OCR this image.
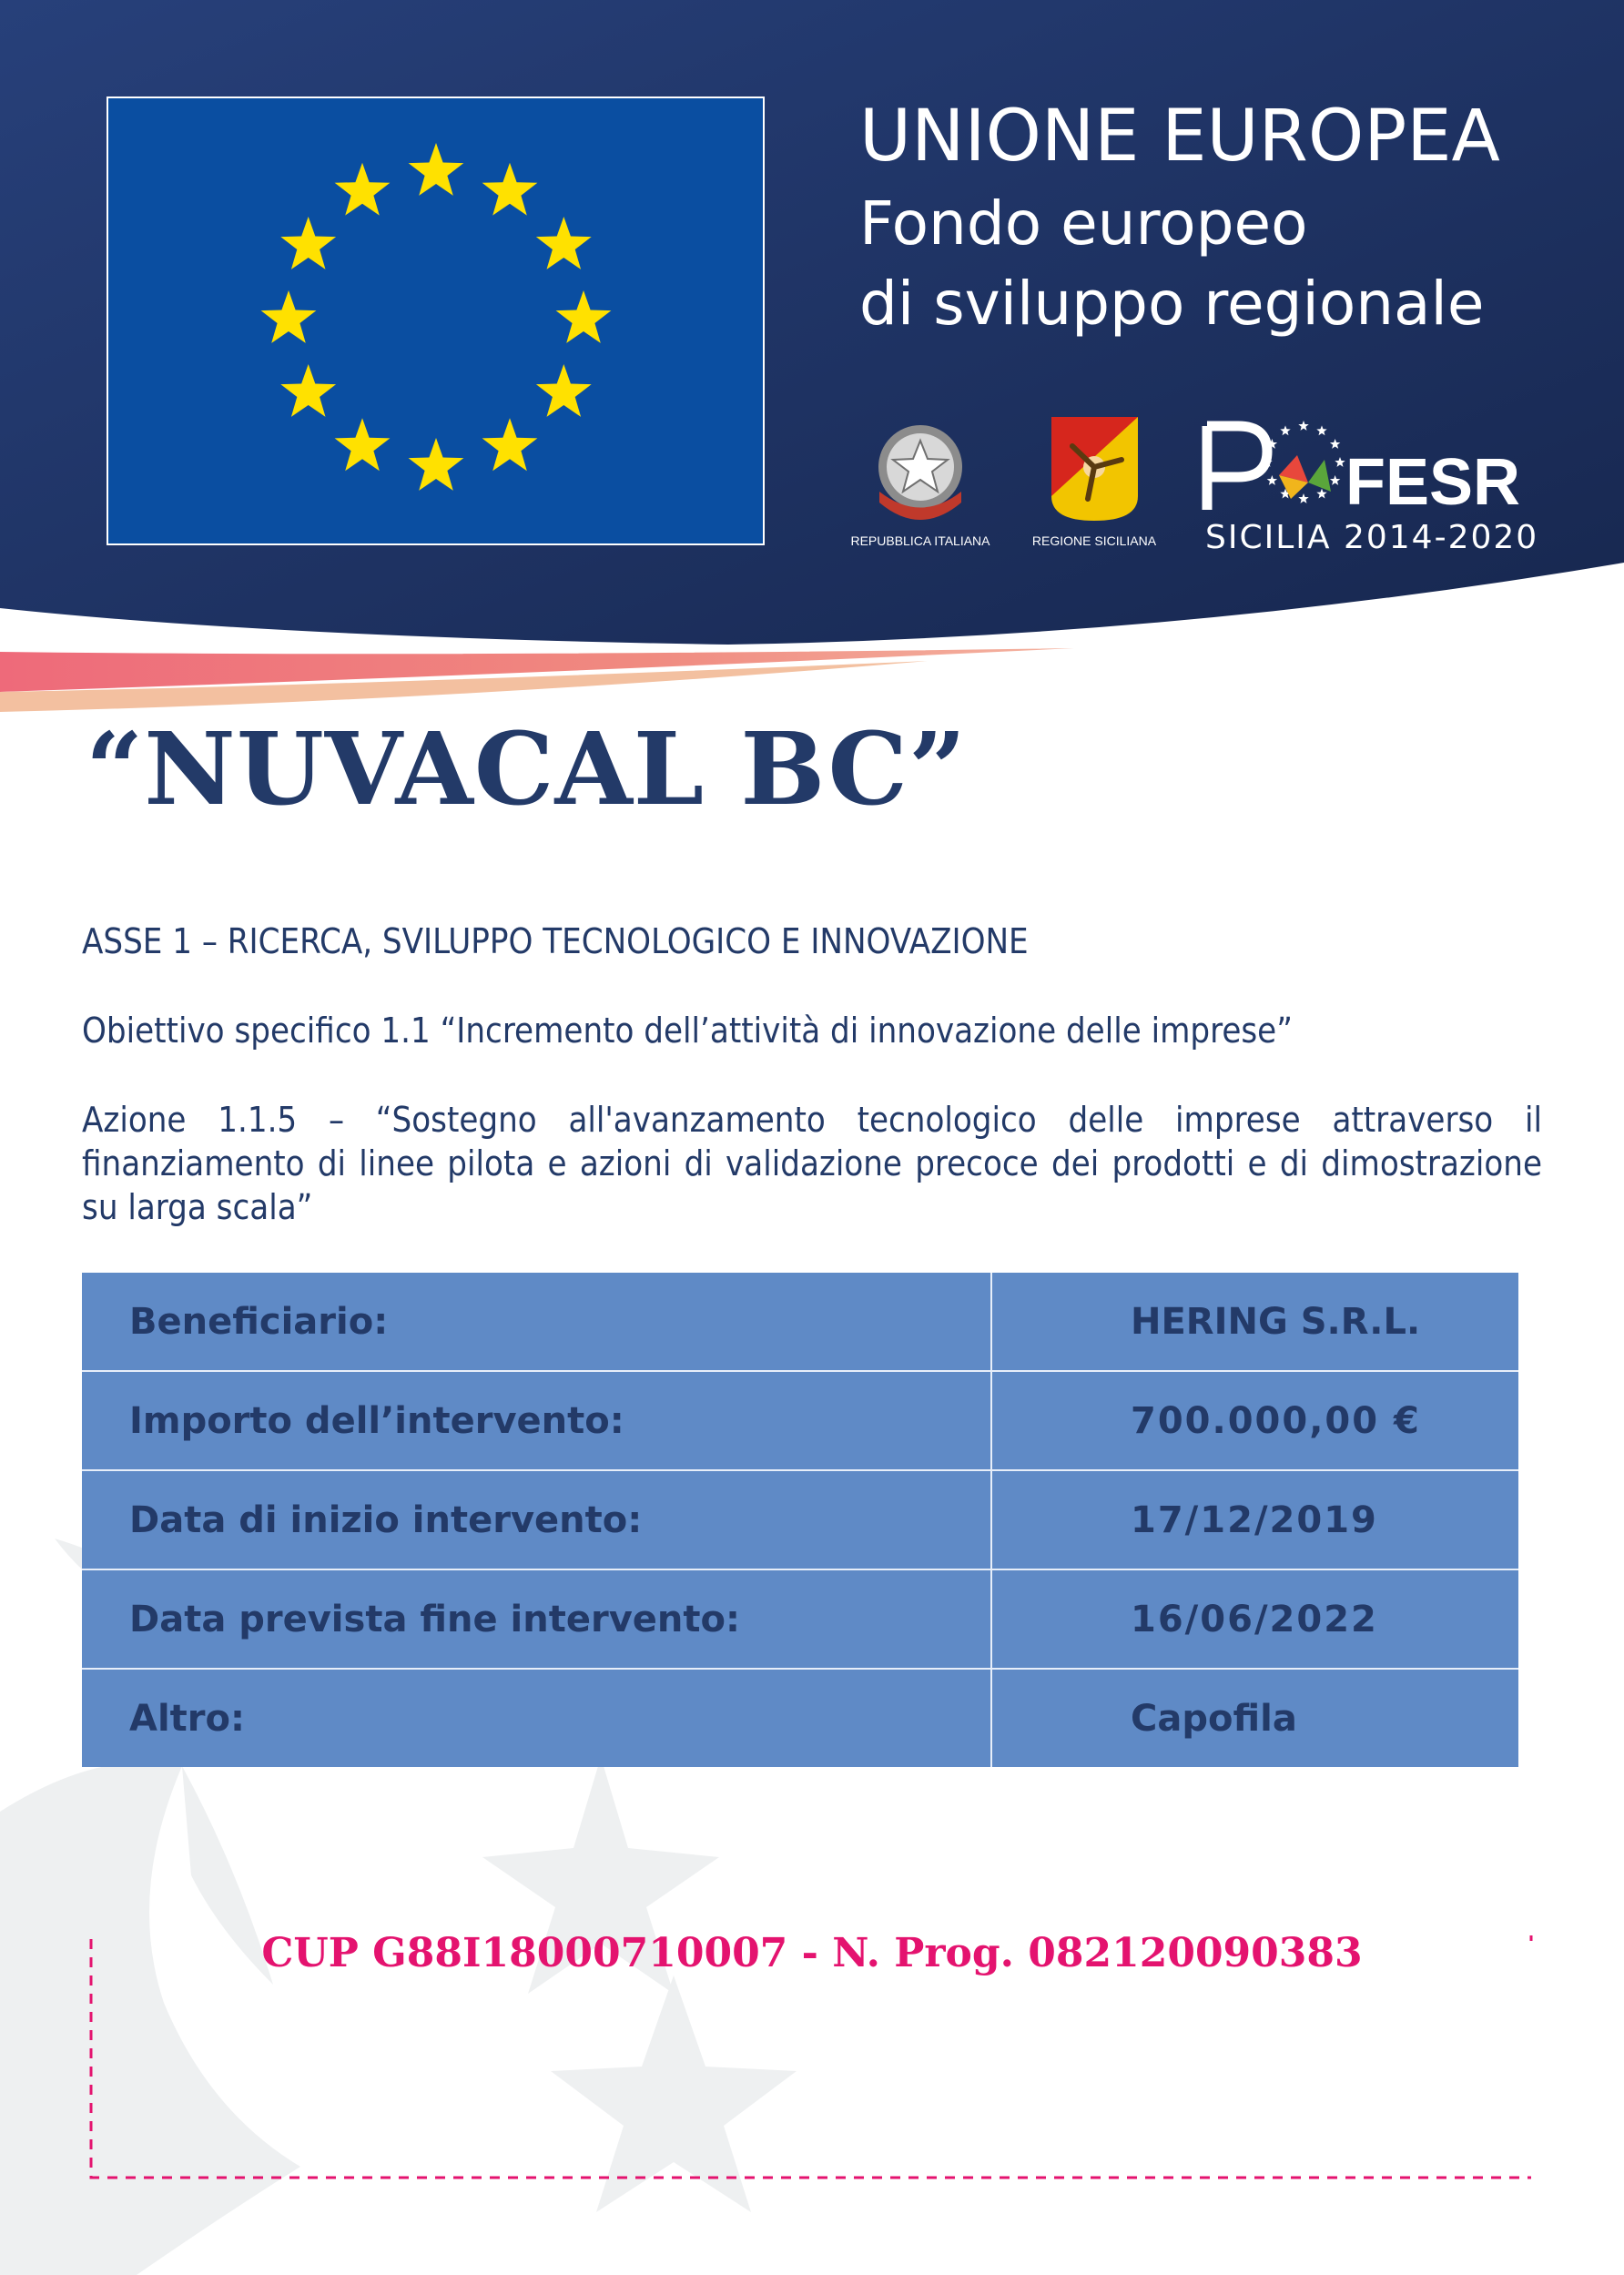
UNIONE EUROPEA
Fondo europeo
di sviluppo regionale
REPUBBLICA ITALIANA	REGIONE SICILIANA
FESR
SICILIA 2014-2020
“NUVACAL BC”
ASSE 1 – RICERCA, SVILUPPO TECNOLOGICO E INNOVAZIONE
Obiettivo specifico 1.1 “Incremento dell’attività di innovazione delle imprese”
Azione 1.1.5 – “Sostegno all'avanzamento tecnologico delle imprese attraverso il finanziamento di linee pilota e azioni di validazione precoce dei prodotti e di dimostrazione su larga scala”
Beneficiario:	HERING S.R.L.
Importo dell’intervento:	700.000,00 €
Data di inizio intervento:	17/12/2019
Data prevista fine intervento:	16/06/2022
Altro:	Capofila
CUP G88I18000710007 - N. Prog. 082120090383
